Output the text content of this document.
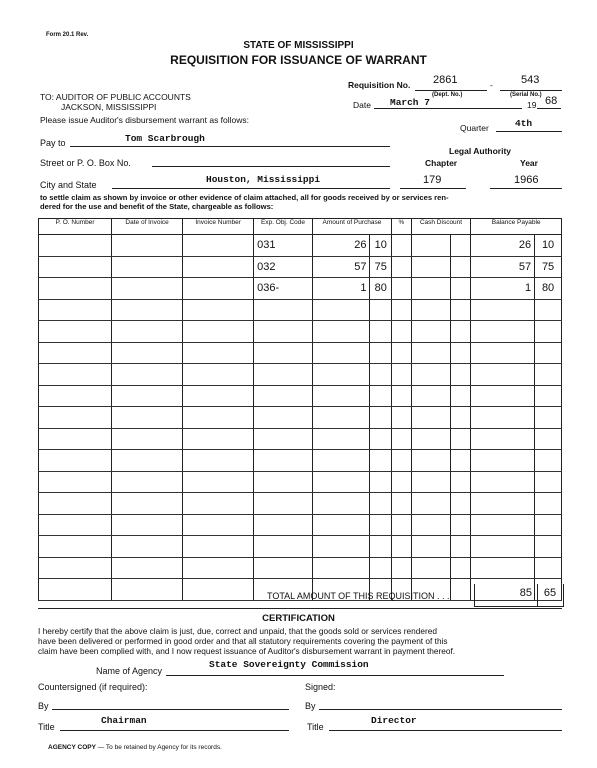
Form 20.1 Rev.
STATE OF MISSISSIPPI
REQUISITION FOR ISSUANCE OF WARRANT
Requisition No. 2861	-	543
(Dept. No.)	(Serial No.)
TO: AUDITOR OF PUBLIC ACCOUNTS
JACKSON, MISSISSIPPI	Date March 7	19 68
Please issue Auditor's disbursement warrant as follows:
Quarter	4th
Pay to	Tom Scarbrough
Legal Authority
Chapter	Year
Street or P. O. Box No.
City and State	Houston, Mississippi	179	1966
to settle claim as shown by invoice or other evidence of claim attached, all for goods received by or services ren-
dered for the use and benefit of the State, chargeable as follows:
P. O. Number	Date of Invoice	Invoice Number	Exp. Obj. Code	Amount of Purchase		%	Cash Discount		Balance Payable	
			031	26	10				26	10
			032	57	75				57	75
			036-	1	80				1	80

TOTAL AMOUNT OF THIS REQUISITION . . .	85	65
CERTIFICATION
I hereby certify that the above claim is just, due, correct and unpaid, that the goods sold or services rendered
have been delivered or performed in good order and that all statutory requirements covering the payment of this
claim have been complied with, and I now request issuance of Auditor's disbursement warrant in payment thereof.
Name of Agency
State Sovereignty Commission
Countersigned (if required):	Signed:
By	By
Title
Chairman
Title
Director
AGENCY COPY — To be retained by Agency for its records.
